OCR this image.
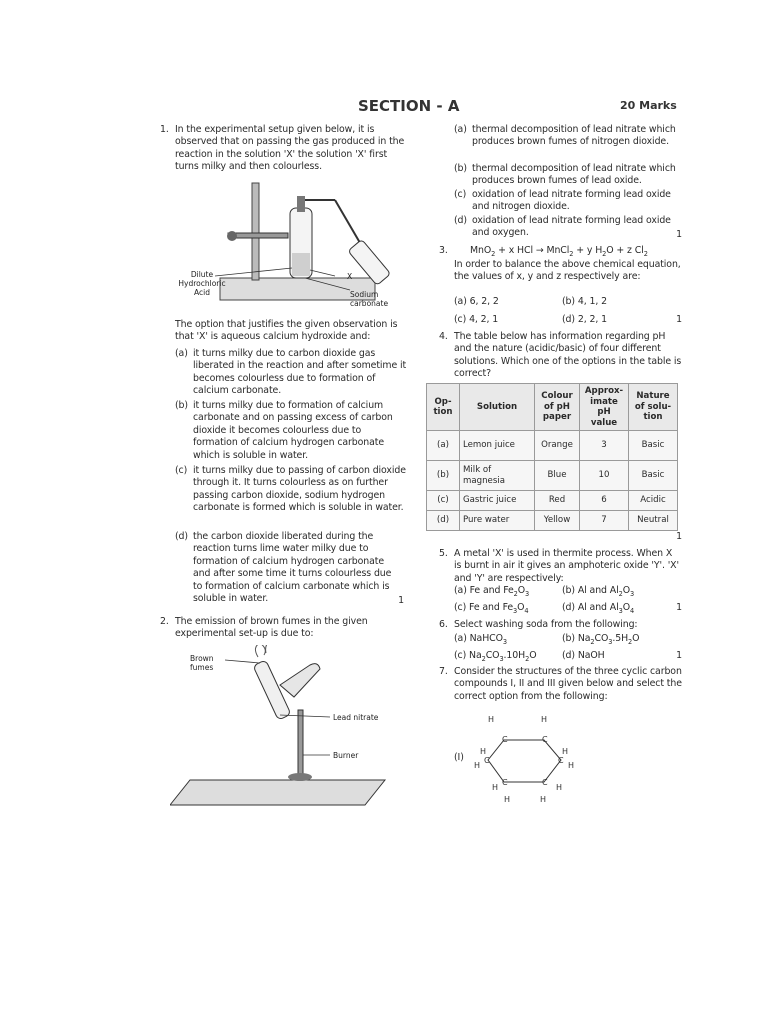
SECTION - A	20 Marks
1. In the experimental setup given below, it is observed that on passing the gas produced in the reaction in the solution 'X' the solution 'X' first turns milky and then colourless.
Dilute Hydrochloric Acid
X
Sodium carbonate
The option that justifies the given observation is that 'X' is aqueous calcium hydroxide and:
(a) it turns milky due to carbon dioxide gas liberated in the reaction and after sometime it becomes colourless due to formation of calcium carbonate.
(b) it turns milky due to formation of calcium carbonate and on passing excess of carbon dioxide it becomes colourless due to formation of calcium hydrogen carbonate which is soluble in water.
(c) it turns milky due to passing of carbon dioxide through it. It turns colourless as on further passing carbon dioxide, sodium hydrogen carbonate is formed which is soluble in water.
(d) the carbon dioxide liberated during the reaction turns lime water milky due to formation of calcium hydrogen carbonate and after some time it turns colourless due to formation of calcium carbonate which is soluble in water.	1
2. The emission of brown fumes in the given experimental set-up is due to:
Brown fumes
Lead nitrate
Burner
(a) thermal decomposition of lead nitrate which produces brown fumes of nitrogen dioxide.
(b) thermal decomposition of lead nitrate which produces brown fumes of lead oxide.
(c) oxidation of lead nitrate forming lead oxide and nitrogen dioxide.
(d) oxidation of lead nitrate forming lead oxide and oxygen.	1
3. MnO$_2$ + x HCl → MnCl$_2$ + y $H_2O + z$ $Cl_2$
In order to balance the above chemical equation, the values of x, y and z respectively are:
(a) 6, 2, 2	(b) 4, 1, 2
(c) 4, 2, 1	(d) 2, 2, 1	1
4. The table below has information regarding pH and the nature (acidic/basic) of four different solutions. Which one of the options in the table is correct?
Op-tion	Solution	Colour of pH paper	Approx-imate pH value	Nature of solu-tion
(a)	Lemon juice	Orange	3	Basic
(b)	Milk of magnesia	Blue	10	Basic
(c)	Gastric juice	Red	6	Acidic
(d)	Pure water	Yellow	7	Neutral
1
5. A metal 'X' is used in thermite process. When X is burnt in air it gives an amphoteric oxide 'Y'. 'X' and 'Y' are respectively:
(a) Fe and $Fe_2O_3$	(b) Al and $Al_2O_3$
(c) Fe and $Fe_3O_4$	(d) Al and $Al_3O_4$	1
6. Select washing soda from the following:
(a) NaHCO$_3$	(b) $Na_2CO_3.5H_2O$
(c) $Na_2CO_3.10H_2O$	(d) NaOH	1
7. Consider the structures of the three cyclic carbon compounds I, II and III given below and select the correct option from the following:
(I)
H	H
C	C
H	H
C	C
H	H
C	C
H	H
H	H
